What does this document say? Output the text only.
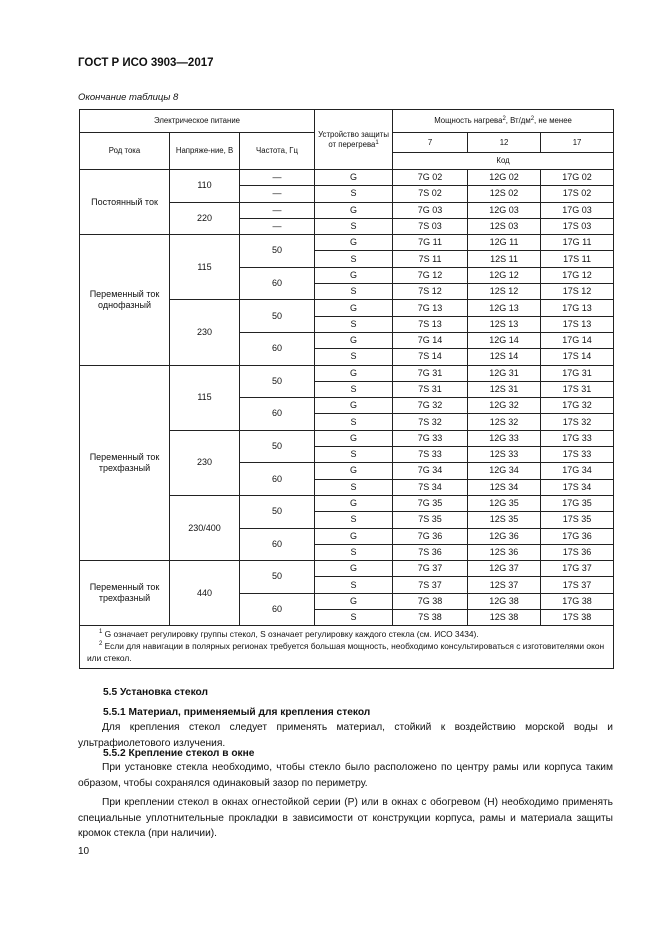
ГОСТ Р ИСО 3903—2017
Окончание таблицы 8
Электрическое питание			Устройство защиты от перегрева$^1$	Мощность нагрева$^2$, $Вт/дм^2$, не менее		
Род тока	Напряже-ние, В	Частота, Гц		7	12	17
				Код		
Постоянный ток	110	—	G	7G 02	12G 02	17G 02
		—	S	7S 02	12S 02	17S 02
	220	—	G	7G 03	12G 03	17G 03
		—	S	7S 03	12S 03	17S 03
Переменный ток однофазный	115	50	G	7G 11	12G 11	17G 11
			S	7S 11	12S 11	17S 11
		60	G	7G 12	12G 12	17G 12
			S	7S 12	12S 12	17S 12
	230	50	G	7G 13	12G 13	17G 13
			S	7S 13	12S 13	17S 13
		60	G	7G 14	12G 14	17G 14
			S	7S 14	12S 14	17S 14
Переменный ток трехфазный	115	50	G	7G 31	12G 31	17G 31
			S	7S 31	12S 31	17S 31
		60	G	7G 32	12G 32	17G 32
			S	7S 32	12S 32	17S 32
	230	50	G	7G 33	12G 33	17G 33
			S	7S 33	12S 33	17S 33
		60	G	7G 34	12G 34	17G 34
			S	7S 34	12S 34	17S 34
	230/400	50	G	7G 35	12G 35	17G 35
			S	7S 35	12S 35	17S 35
		60	G	7G 36	12G 36	17G 36
			S	7S 36	12S 36	17S 36
Переменный ток трехфазный	440	50	G	7G 37	12G 37	17G 37
			S	7S 37	12S 37	17S 37
		60	G	7G 38	12G 38	17G 38
			S	7S 38	12S 38	17S 38

$^1$ G означает регулировку группы стекол, S означает регулировку каждого стекла (см. ИСО 3434).
$^2$ Если для навигации в полярных регионах требуется большая мощность, необходимо консультироваться с изготовителями окон или стекол.						
5.5 Установка стекол
5.5.1 Материал, применяемый для крепления стекол
Для крепления стекол следует применять материал, стойкий к воздействию морской воды и ультрафиолетового излучения.
5.5.2 Крепление стекол в окне
При установке стекла необходимо, чтобы стекло было расположено по центру рамы или корпуса таким образом, чтобы сохранялся одинаковый зазор по периметру.
При креплении стекол в окнах огнестойкой серии (P) или в окнах с обогревом (H) необходимо применять специальные уплотнительные прокладки в зависимости от конструкции корпуса, рамы и материала защиты кромок стекла (при наличии).
10
